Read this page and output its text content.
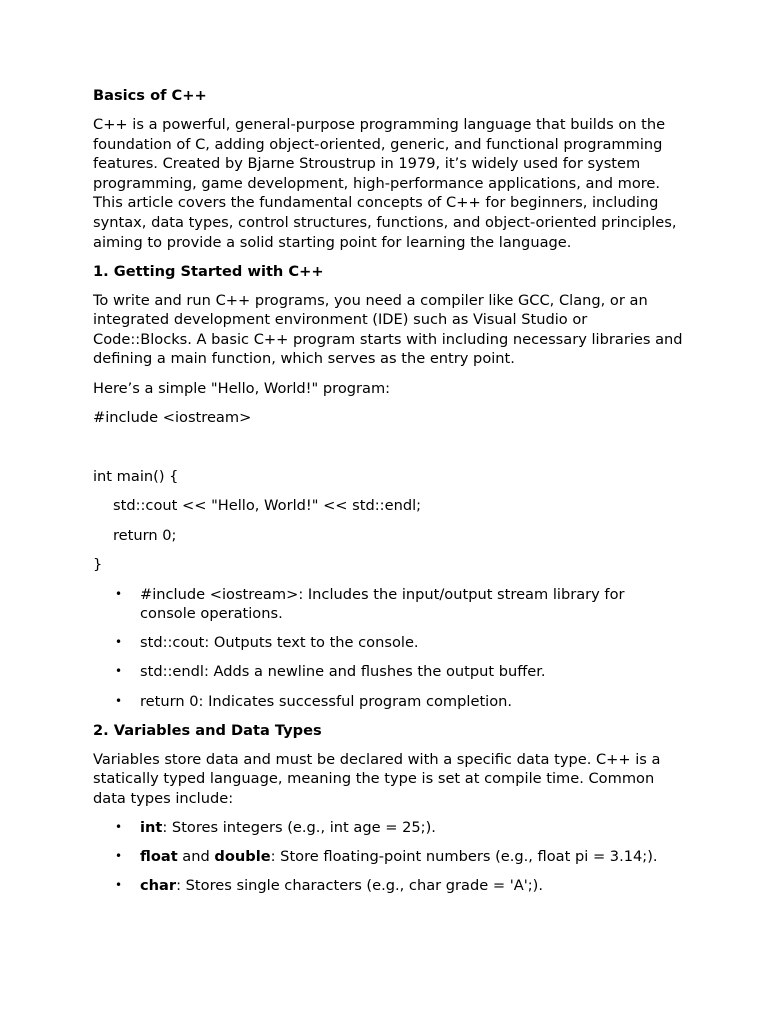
Basics of C++

C++ is a powerful, general-purpose programming language that builds on the foundation of C, adding object-oriented, generic, and functional programming features. Created by Bjarne Stroustrup in 1979, it’s widely used for system programming, game development, high-performance applications, and more. This article covers the fundamental concepts of C++ for beginners, including syntax, data types, control structures, functions, and object-oriented principles, aiming to provide a solid starting point for learning the language.

1. Getting Started with C++

To write and run C++ programs, you need a compiler like GCC, Clang, or an integrated development environment (IDE) such as Visual Studio or Code::Blocks. A basic C++ program starts with including necessary libraries and defining a main function, which serves as the entry point.

Here’s a simple "Hello, World!" program:

#include <iostream>
int main() {
std::cout << "Hello, World!" << std::endl;
return 0;
}
• #include <iostream>: Includes the input/output stream library for console operations.
• std::cout: Outputs text to the console.
• std::endl: Adds a newline and flushes the output buffer.
• return 0: Indicates successful program completion.
2. Variables and Data Types

Variables store data and must be declared with a specific data type. C++ is a statically typed language, meaning the type is set at compile time. Common data types include:

• int: Stores integers (e.g., int age = 25;).
• float and double: Store floating-point numbers (e.g., float pi = 3.14;).
• char: Stores single characters (e.g., char grade = 'A';).
